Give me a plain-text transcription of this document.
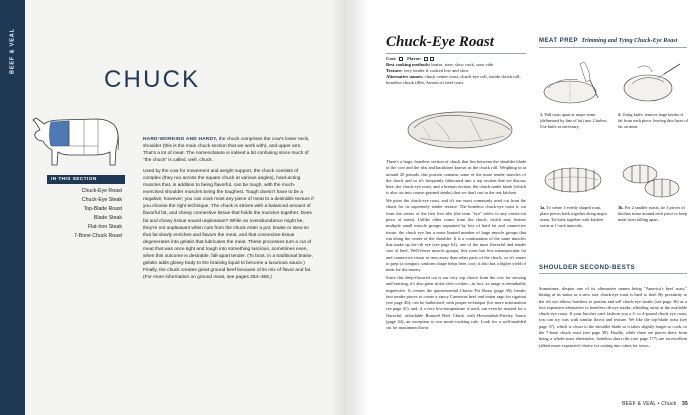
BEEF & VEAL
CHUCK
IN THIS SECTION
Chuck-Eye Roast
Chuck-Eye Steak
Top-Blade Roast
Blade Steak
Flat-Iron Steak
7-Bone Chuck Roast

HARD-WORKING AND HARDY, the chuck comprises the cow's lower neck, shoulder (this is the main chuck section that we work with), and upper arm. That's a lot of meat. The nomenclature is indeed a bit confusing since much of "the chuck" is called, well, chuck.

Used by the cow for movement and weight support, the chuck consists of complex (they run across the square chuck at various angles), hard-acting muscles that, in addition to being flavorful, can be tough, with the much-exercised shoulder muscles being the toughest. Tough doesn't have to be a negative, however; you can cook most any piece of meat to a desirable texture if you choose the right technique. The chuck is striven with a balanced amount of flavorful fat, and chewy connective tissue that holds the muscles together. Does fat and chewy tissue sound unpleasant? While an overabundance might be, they're not unpleasant when cuts from the chuck enter a pot, braise or stew so that fat slowly enriches and flavors the meat, and that connective tissue degenerates into gelatin that lubricates the meat. These processes turn a cut of meat that was once tight and tough into something luscious, sometimes even, when this outcome is desirable, fall-apart tender. (To boot, in a traditional braise, gelatin adds glossy body to the braising liquid to become a luxurious sauce.) Finally, the chuck creates great ground beef because of its mix of flavor and fat. (For more information on ground meat, see pages 364–366.)

Chuck-Eye Roast
Cost: Flavor:
Best cooking methods: braise, stew, slow cook, sous vide
Texture: very tender if cooked low and slow
Alternative names: chuck center roast, chuck-eye roll, inside chuck roll, boneless chuck fillet, America's beef roast

There's a large, boneless section of chuck that lies between the shoulder blade of the cow and the ribs and backbone known as the chuck roll. Weighing in at around 20 pounds, this portion contains some of the more tender muscles of the chuck and so it's frequently fabricated into a top section that we discuss here, the chuck-eye roast, and a bottom section, the chuck under blade (which is also cut into coarse-grained steaks) that we don't use in the test kitchen.

We prize the chuck-eye roast, and it's our most commonly used cut from the chuck for its supremely tender texture. The boneless chuck-eye roast is cut from the center of the first five ribs (the term "eye" refers to any center-cut piece of meat). Unlike other roasts from the chuck, which may feature multiple small muscle groups separated by lots of hard fat and connective tissue, the chuck eye has a more limited number of large muscle groups that run along the center of the shoulder. It is a continuation of the same muscles that make up the rib eye (see page 62), one of the most flavorful and tender cuts of beef. Well-fewer muscle groups, this roast has less intramuscular fat and connective tissue to trim away than other parts of the chuck, so it's easier to prep (a compact, uniform shape helps here, too); it also has a higher yield of meat for the money.

Since this deep-flavored cut is our very top choice from the cow for stewing and braising, it's also great in the slow cooker—in fact, its range is remarkably impressive. It creates the quintessential Classic Pot Roast (page 40); breaks into tender pieces to create a saucy Carnewas beef and onion ragu for rigatoni (see page 46); can be barbecued, with proper technique (for more information see page 41); and, if a very low-temperature is used, can even be roasted for a flavorful, affordable Roasted Beef Chuck with Horseradish-Parsley Sauce (page 44), an exception to our moist-cooking rule. Look for a well-marbled cut for maximum flavor.

MEAT PREP Trimming and Tying Chuck-Eye Roast
1. Pull roast apart at major seam (delineated by line of fat) into 2 halves. Use knife as necessary.
2. Using knife, remove large knobs of fat from each piece, leaving thin layer of fat on meat.
3a. To create 1 evenly shaped roast, place pieces back together along major seam. Tie back together with kitchen twine at 1-inch intervals.
3b. For 2 smaller roasts, tie 3 pieces of kitchen twine around each piece to keep meat from falling apart.
SHOULDER SECOND-BESTS

Sometimes, despite one of its alternative names being "America's beef roast," hitting at its status as a stew star, chuck-eye roast is hard to find. By proximity to the rib eye allows butchers to portion and sell chuck-eye steaks (see page 36) as a less expensive alternative to boneless rib-eye steaks, whittling away at the available chuck-eye roast. If your butcher can't fashion you a 3- to 4-pound chuck eye roast, you can try cuts with similar flavor and texture. We like the top-blade roast (see page 37), which is closer to the shoulder blade so it takes slightly longer to cook, or the 7-bone chuck roast (see page 38). Finally, while there are pieces there from being a whole-roast alternative, boneless short ribs (see page 177) are an excellent (albeit more expensive) choice for cutting into cubes for stews.

BEEF & VEAL • Chuck 35
